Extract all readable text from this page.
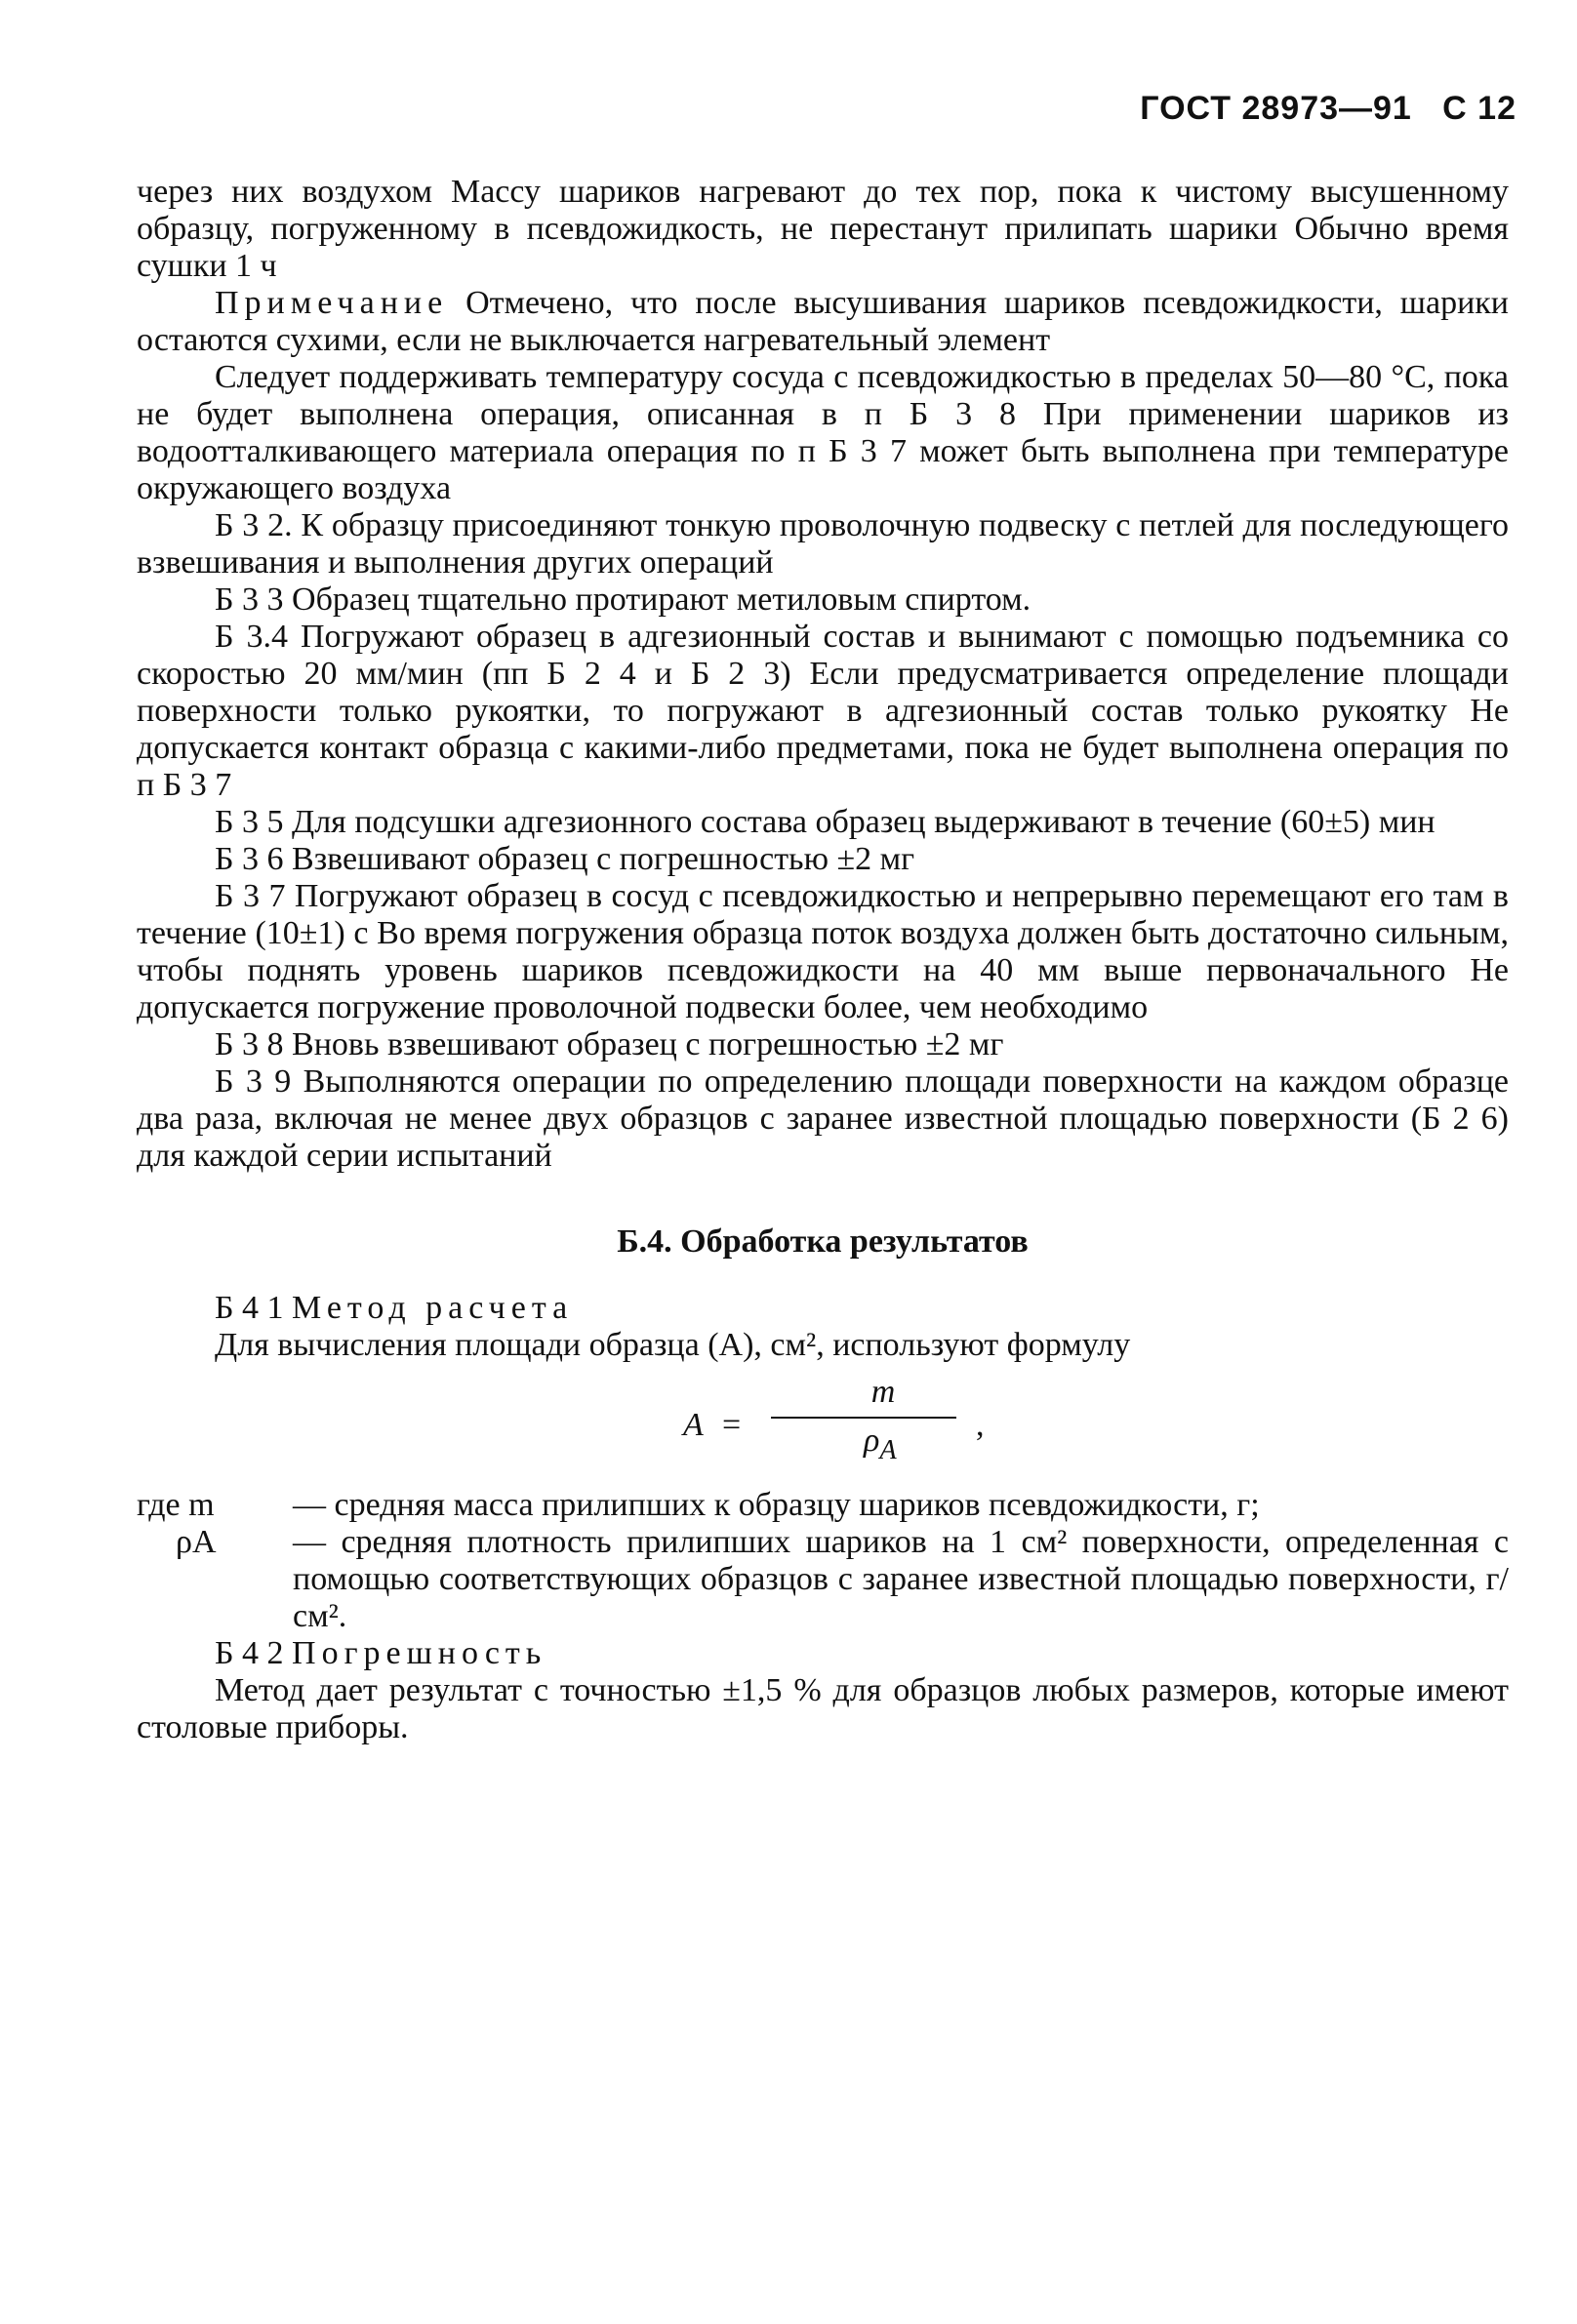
ГОСТ 28973—91   С 12

через них воздухом Массу шариков нагревают до тех пор, пока к чистому высушенному образцу, погруженному в псевдожидкость, не перестанут прилипать шарики Обычно время сушки 1 ч

Примечание Отмечено, что после высушивания шариков псевдожидкости, шарики остаются сухими, если не выключается нагревательный элемент

Следует поддерживать температуру сосуда с псевдожидкостью в пределах 50—80 °С, пока не будет выполнена операция, описанная в п Б 3 8 При применении шариков из водоотталкивающего материала операция по п Б 3 7 может быть выполнена при температуре окружающего воздуха

Б 3 2. К образцу присоединяют тонкую проволочную подвеску с петлей для последующего взвешивания и выполнения других операций

Б 3 3 Образец тщательно протирают метиловым спиртом.

Б 3.4 Погружают образец в адгезионный состав и вынимают с помощью подъемника со скоростью 20 мм/мин (пп Б 2 4 и Б 2 3) Если предусматривается определение площади поверхности только рукоятки, то погружают в адгезионный состав только рукоятку Не допускается контакт образца с какими-либо предметами, пока не будет выполнена операция по п Б 3 7

Б 3 5 Для подсушки адгезионного состава образец выдерживают в течение (60±5) мин

Б 3 6 Взвешивают образец с погрешностью ±2 мг

Б 3 7 Погружают образец в сосуд с псевдожидкостью и непрерывно перемещают его там в течение (10±1) с Во время погружения образца поток воздуха должен быть достаточно сильным, чтобы поднять уровень шариков псевдожидкости на 40 мм выше первоначального Не допускается погружение проволочной подвески более, чем необходимо

Б 3 8 Вновь взвешивают образец с погрешностью ±2 мг

Б 3 9 Выполняются операции по определению площади поверхности на каждом образце два раза, включая не менее двух образцов с заранее известной площадью поверхности (Б 2 6) для каждой серии испытаний

Б.4. Обработка результатов

Б 4 1 Метод расчета

Для вычисления площади образца (A), см², используют формулу

A =
m
$\rho_A$
,
где m	— средняя масса прилипших к образцу шариков псевдожидкости, г;
ρA	— средняя плотность прилипших шариков на 1 см² поверхности, определенная с помощью соответствующих образцов с заранее известной площадью поверхности, г/см².

Б 4 2 Погрешность

Метод дает результат с точностью ±1,5 % для образцов любых размеров, которые имеют столовые приборы.
